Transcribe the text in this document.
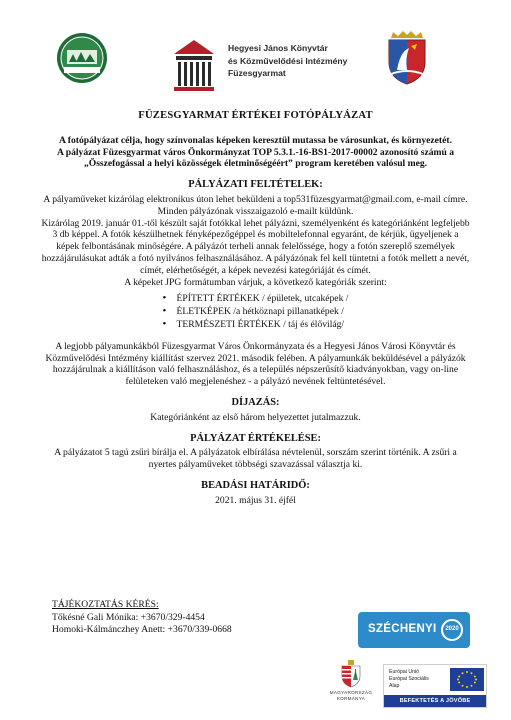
Hegyesi János Könyvtár
és Közművelődési Intézmény
Füzesgyarmat
FÜZESGYARMAT ÉRTÉKEI FOTÓPÁLYÁZAT
A fotópályázat célja, hogy színvonalas képeken keresztül mutassa be városunkat, és környezetét.
A pályázat Füzesgyarmat város Önkormányzat TOP 5.3.1.-16-BS1-2017-00002 azonosító számú a „Összefogással a helyi közösségek életminőségéért” program keretében valósul meg.
PÁLYÁZATI FELTÉTELEK:
A pályaműveket kizárólag elektronikus úton lehet beküldeni a top531füzesgyarmat@gmail.com, e-mail címre. Minden pályázónak visszaigazoló e-mailt küldünk.
Kizárólag 2019. január 01.-től készült saját fotókkal lehet pályázni, személyenként és kategóriánként legfeljebb 3 db képpel. A fotók készülhetnek fényképezőgéppel és mobiltelefonnal egyaránt, de kérjük, ügyeljenek a képek felbontásának minőségére. A pályázót terheli annak felelőssége, hogy a fotón szereplő személyek hozzájárulásukat adták a fotó nyilvános felhasználásához. A pályázónak fel kell tüntetni a fotók mellett a nevét, címét, elérhetőségét, a képek nevezési kategóriáját és címét.
A képeket JPG formátumban várjuk, a következő kategóriák szerint:
• ÉPÍTETT ÉRTÉKEK / épületek, utcaképek /
• ÉLETKÉPEK /a hétköznapi pillanatképek /
• TERMÉSZETI ÉRTÉKEK / táj és élővilág/
A legjobb pályamunkákból Füzesgyarmat Város Önkormányzata és a Hegyesi János Városi Könyvtár és Közművelődési Intézmény kiállítást szervez 2021. második felében. A pályamunkák beküldésével a pályázók hozzájárulnak a kiállításon való felhasználáshoz, és a település népszerűsítő kiadványokban, vagy on-line felületeken való megjelenéshez - a pályázó nevének feltüntetésével.
DÍJAZÁS:
Kategóriánként az első három helyezettet jutalmazzuk.
PÁLYÁZAT ÉRTÉKELÉSE:
A pályázatot 5 tagú zsűri bírálja el. A pályázatok elbírálása névtelenül, sorszám szerint történik. A zsűri a nyertes pályaműveket többségi szavazással választja ki.
BEADÁSI HATÁRIDŐ:
2021. május 31. éjfél
TÁJÉKOZTATÁS KÉRÉS:
Tőkésné Gali Mónika: +3670/329-4454
Homoki-Kálmánczhey Anett: +3670/339-0668	SZÉCHENYI	2020
MAGYARORSZÁG
KORMÁNYA
Európai Unió
Európai Szociális
Alap
BEFEKTETÉS A JÖVŐBE
